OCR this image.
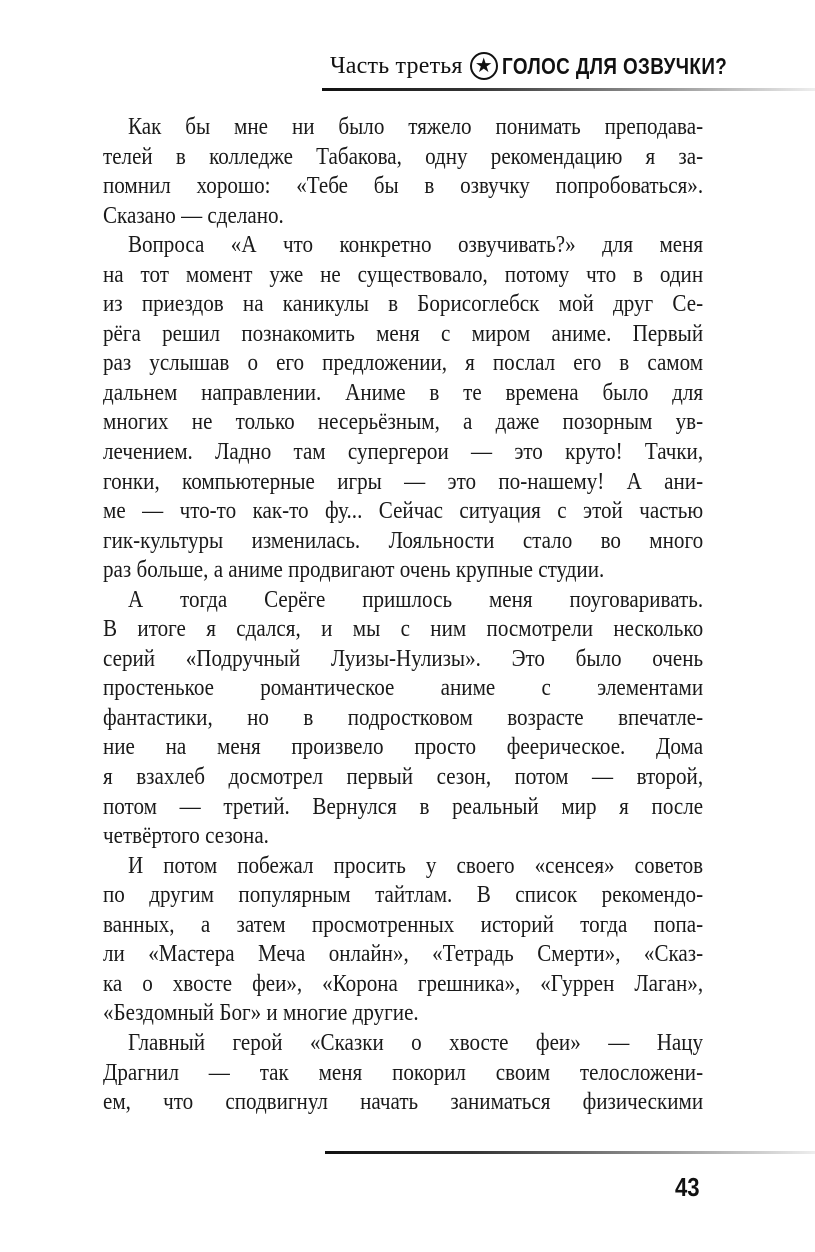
Часть третья ★ ГОЛОС ДЛЯ ОЗВУЧКИ?
Как бы мне ни было тяжело понимать преподава-
телей в колледже Табакова, одну рекомендацию я за-
помнил хорошо: «Тебе бы в озвучку попробоваться».
Сказано — сделано.
Вопроса «А что конкретно озвучивать?» для меня
на тот момент уже не существовало, потому что в один
из приездов на каникулы в Борисоглебск мой друг Се-
рёга решил познакомить меня с миром аниме. Первый
раз услышав о его предложении, я послал его в самом
дальнем направлении. Аниме в те времена было для
многих не только несерьёзным, а даже позорным ув-
лечением. Ладно там супергерои — это круто! Тачки,
гонки, компьютерные игры — это по-нашему! А ани-
ме — что-то как-то фу... Сейчас ситуация с этой частью
гик-культуры изменилась. Лояльности стало во много
раз больше, а аниме продвигают очень крупные студии.
А тогда Серёге пришлось меня поуговаривать.
В итоге я сдался, и мы с ним посмотрели несколько
серий «Подручный Луизы-Нулизы». Это было очень
простенькое романтическое аниме с элементами
фантастики, но в подростковом возрасте впечатле-
ние на меня произвело просто феерическое. Дома
я взахлеб досмотрел первый сезон, потом — второй,
потом — третий. Вернулся в реальный мир я после
четвёртого сезона.
И потом побежал просить у своего «сенсея» советов
по другим популярным тайтлам. В список рекомендо-
ванных, а затем просмотренных историй тогда попа-
ли «Мастера Меча онлайн», «Тетрадь Смерти», «Сказ-
ка о хвосте феи», «Корона грешника», «Гуррен Лаган»,
«Бездомный Бог» и многие другие.
Главный герой «Сказки о хвосте феи» — Нацу
Драгнил — так меня покорил своим телосложени-
ем, что сподвигнул начать заниматься физическими
43
